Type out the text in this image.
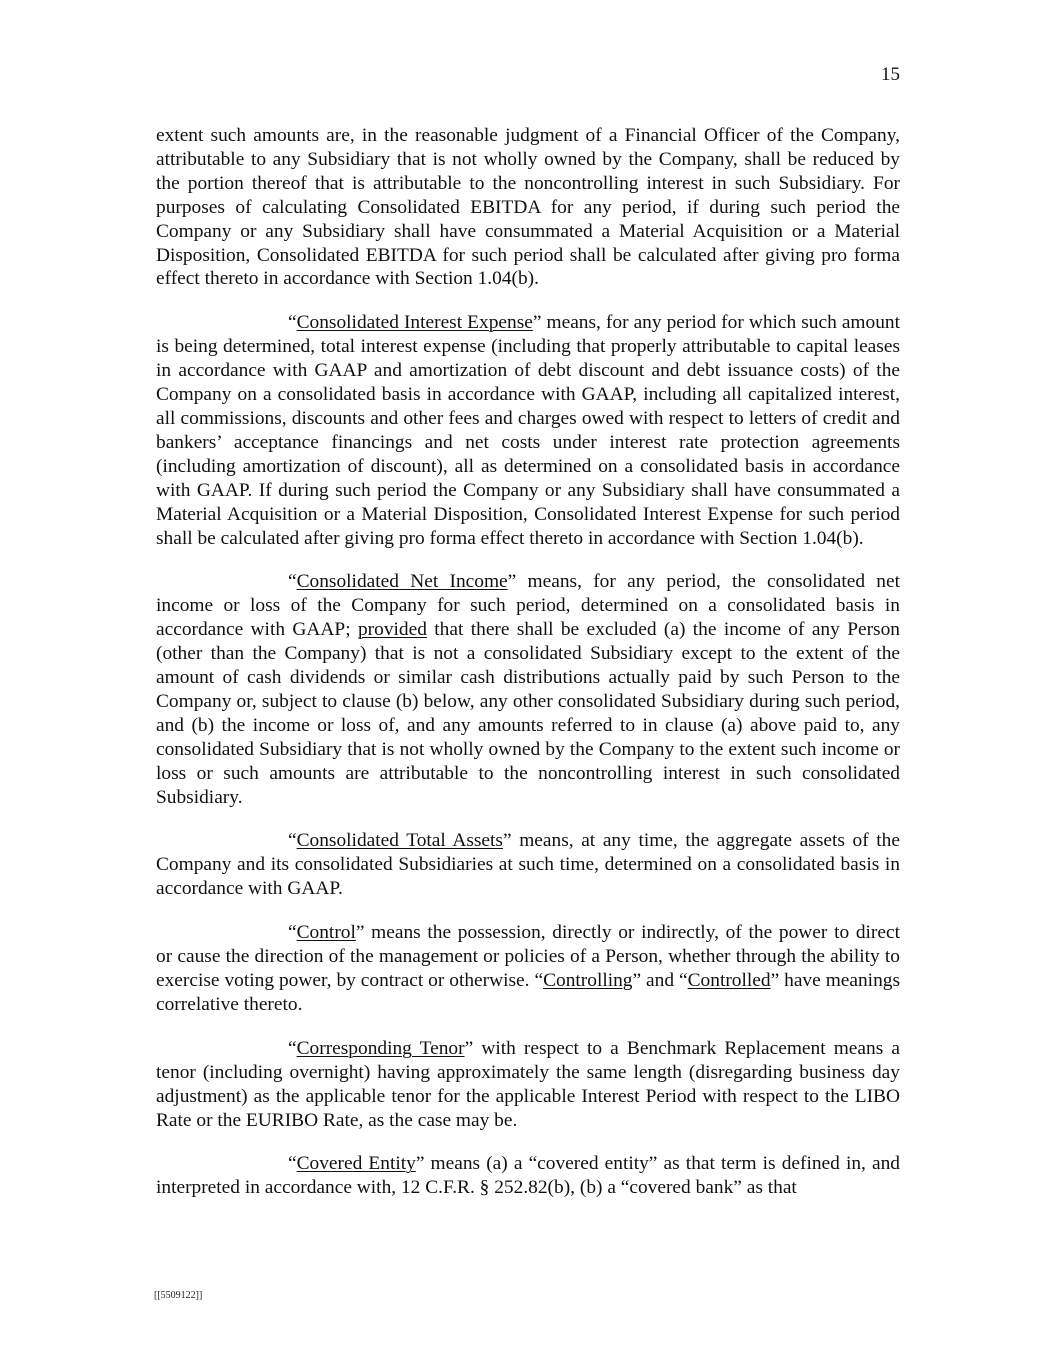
15

extent such amounts are, in the reasonable judgment of a Financial Officer of the Company, attributable to any Subsidiary that is not wholly owned by the Company, shall be reduced by the portion thereof that is attributable to the noncontrolling interest in such Subsidiary. For purposes of calculating Consolidated EBITDA for any period, if during such period the Company or any Subsidiary shall have consummated a Material Acquisition or a Material Disposition, Consolidated EBITDA for such period shall be calculated after giving pro forma effect thereto in accordance with Section 1.04(b).

“Consolidated Interest Expense” means, for any period for which such amount is being determined, total interest expense (including that properly attributable to capital leases in accordance with GAAP and amortization of debt discount and debt issuance costs) of the Company on a consolidated basis in accordance with GAAP, including all capitalized interest, all commissions, discounts and other fees and charges owed with respect to letters of credit and bankers’ acceptance financings and net costs under interest rate protection agreements (including amortization of discount), all as determined on a consolidated basis in accordance with GAAP. If during such period the Company or any Subsidiary shall have consummated a Material Acquisition or a Material Disposition, Consolidated Interest Expense for such period shall be calculated after giving pro forma effect thereto in accordance with Section 1.04(b).

“Consolidated Net Income” means, for any period, the consolidated net income or loss of the Company for such period, determined on a consolidated basis in accordance with GAAP; provided that there shall be excluded (a) the income of any Person (other than the Company) that is not a consolidated Subsidiary except to the extent of the amount of cash dividends or similar cash distributions actually paid by such Person to the Company or, subject to clause (b) below, any other consolidated Subsidiary during such period, and (b) the income or loss of, and any amounts referred to in clause (a) above paid to, any consolidated Subsidiary that is not wholly owned by the Company to the extent such income or loss or such amounts are attributable to the noncontrolling interest in such consolidated Subsidiary.

“Consolidated Total Assets” means, at any time, the aggregate assets of the Company and its consolidated Subsidiaries at such time, determined on a consolidated basis in accordance with GAAP.

“Control” means the possession, directly or indirectly, of the power to direct or cause the direction of the management or policies of a Person, whether through the ability to exercise voting power, by contract or otherwise. “Controlling” and “Controlled” have meanings correlative thereto.

“Corresponding Tenor” with respect to a Benchmark Replacement means a tenor (including overnight) having approximately the same length (disregarding business day adjustment) as the applicable tenor for the applicable Interest Period with respect to the LIBO Rate or the EURIBO Rate, as the case may be.

“Covered Entity” means (a) a “covered entity” as that term is defined in, and interpreted in accordance with, 12 C.F.R. § 252.82(b), (b) a “covered bank” as that

[[5509122]]
